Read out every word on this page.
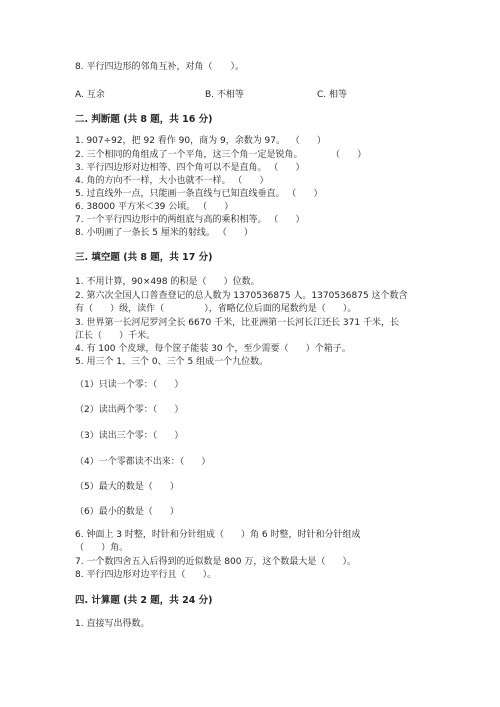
8. 平行四边形的邻角互补，对角（　　）。
A. 互余	B. 不相等	C. 相等
二. 判断题 (共 8 题，共 16 分)
1. 907÷92，把 92 看作 90，商为 9，余数为 97。  （      ）
2. 三个相同的角组成了一个平角，这三个角一定是锐角。          （      ）
3. 平行四边形对边相等、四个角可以不是直角。 （      ）
4. 角的方向不一样，大小也就不一样。 （      ）
5. 过直线外一点，只能画一条直线与已知直线垂直。 （      ）
6. 38000 平方米＜39 公顷。 （      ）
7. 一个平行四边形中的两组底与高的乘积相等。 （      ）
8. 小明画了一条长 5 厘米的射线。 （      ）
三. 填空题 (共 8 题，共 17 分)
1. 不用计算，90×498 的积是（      ）位数。
2. 第六次全国人口普查登记的总人数为 1370536875 人。1370536875 这个数含
有（      ）级，读作（              ），省略亿位后面的尾数约是（      ）。
3. 世界第一长河尼罗河全长 6670 千米，比亚洲第一长河长江还长 371 千米，长
江长（      ）千米。
4. 有 100 个皮球，每个筐子能装 30 个，至少需要（      ）个箱子。
5. 用三个 1、三个 0、三个 5 组成一个九位数。
（1）只读一个零：（      ）
（2）读出两个零：（      ）
（3）读出三个零：（      ）
（4）一个零都读不出来：（      ）
（5）最大的数是（      ）
（6）最小的数是（      ）
6. 钟面上 3 时整，时针和分针组成（      ）角 6 时整，时针和分针组成
（      ）角。
7. 一个数四舍五入后得到的近似数是 800 万，这个数最大是（      ）。
8. 平行四边形对边平行且（      ）。
四. 计算题 (共 2 题，共 24 分)
1. 直接写出得数。
